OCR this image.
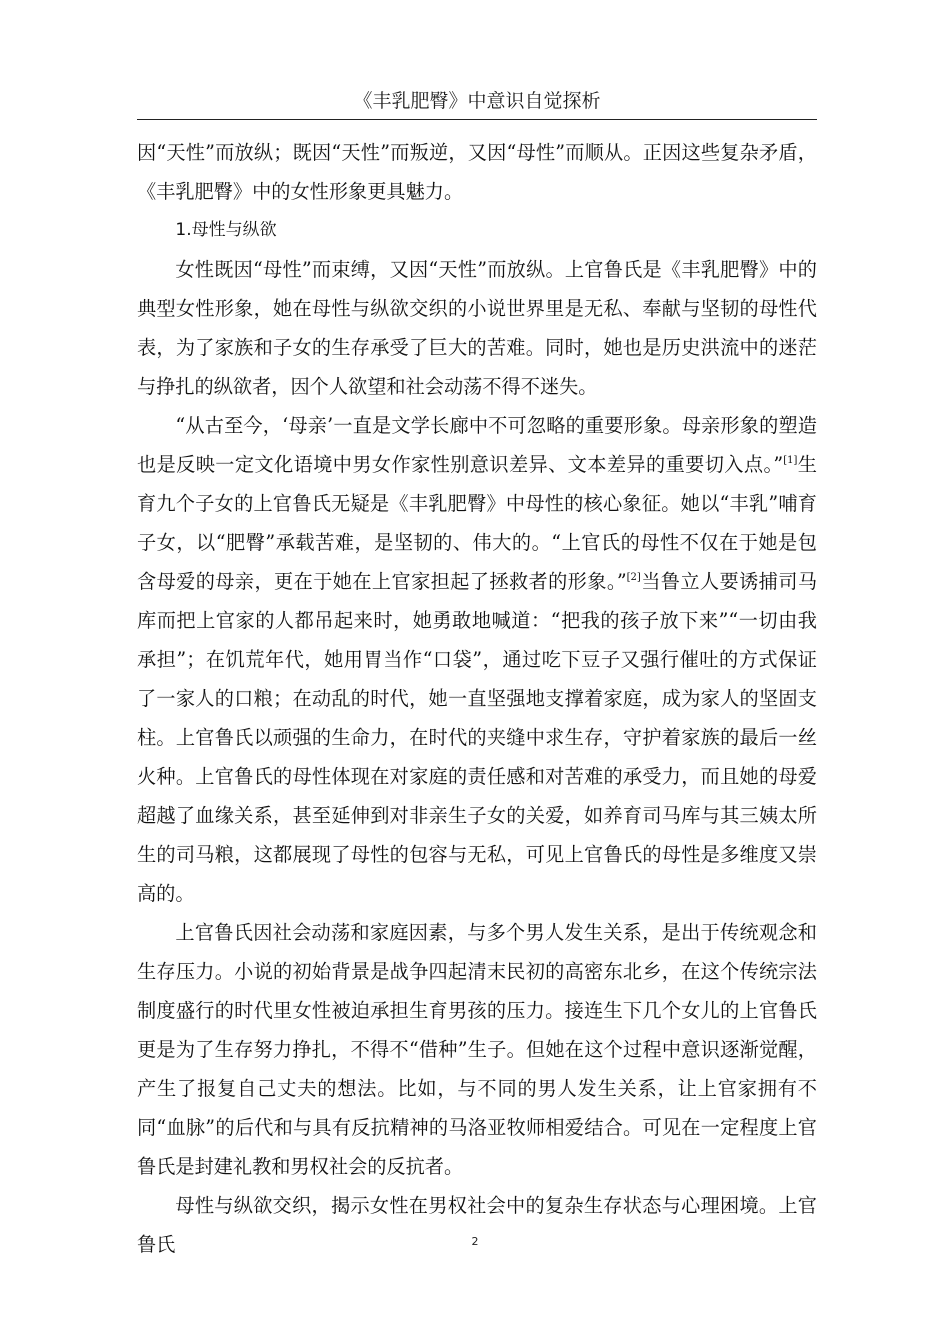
《丰乳肥臀》中意识自觉探析

因“天性”而放纵；既因“天性”而叛逆，又因“母性”而顺从。正因这些复杂矛盾，《丰乳肥臀》中的女性形象更具魅力。

1.母性与纵欲

女性既因“母性”而束缚，又因“天性”而放纵。上官鲁氏是《丰乳肥臀》中的典型女性形象，她在母性与纵欲交织的小说世界里是无私、奉献与坚韧的母性代表，为了家族和子女的生存承受了巨大的苦难。同时，她也是历史洪流中的迷茫与挣扎的纵欲者，因个人欲望和社会动荡不得不迷失。

“从古至今，‘母亲’一直是文学长廊中不可忽略的重要形象。母亲形象的塑造也是反映一定文化语境中男女作家性别意识差异、文本差异的重要切入点。”[1]生育九个子女的上官鲁氏无疑是《丰乳肥臀》中母性的核心象征。她以“丰乳”哺育子女，以“肥臀”承载苦难，是坚韧的、伟大的。“上官氏的母性不仅在于她是包含母爱的母亲，更在于她在上官家担起了拯救者的形象。”[2]当鲁立人要诱捕司马库而把上官家的人都吊起来时，她勇敢地喊道：“把我的孩子放下来”“一切由我承担”；在饥荒年代，她用胃当作“口袋”，通过吃下豆子又强行催吐的方式保证了一家人的口粮；在动乱的时代，她一直坚强地支撑着家庭，成为家人的坚固支柱。上官鲁氏以顽强的生命力，在时代的夹缝中求生存，守护着家族的最后一丝火种。上官鲁氏的母性体现在对家庭的责任感和对苦难的承受力，而且她的母爱超越了血缘关系，甚至延伸到对非亲生子女的关爱，如养育司马库与其三姨太所生的司马粮，这都展现了母性的包容与无私，可见上官鲁氏的母性是多维度又崇高的。

上官鲁氏因社会动荡和家庭因素，与多个男人发生关系，是出于传统观念和生存压力。小说的初始背景是战争四起清末民初的高密东北乡，在这个传统宗法制度盛行的时代里女性被迫承担生育男孩的压力。接连生下几个女儿的上官鲁氏更是为了生存努力挣扎，不得不“借种”生子。但她在这个过程中意识逐渐觉醒，产生了报复自己丈夫的想法。比如，与不同的男人发生关系，让上官家拥有不同“血脉”的后代和与具有反抗精神的马洛亚牧师相爱结合。可见在一定程度上官鲁氏是封建礼教和男权社会的反抗者。

母性与纵欲交织，揭示女性在男权社会中的复杂生存状态与心理困境。上官鲁氏	2
